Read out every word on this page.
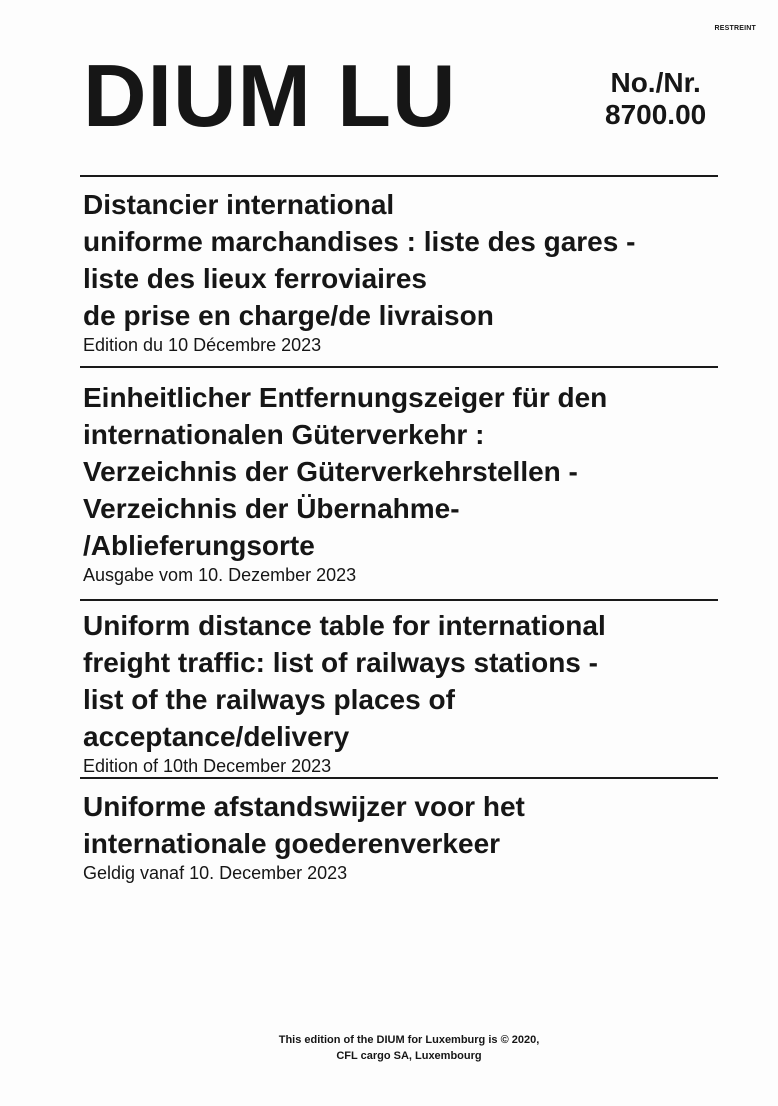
RESTREINT
DIUM LU	No./Nr.
8700.00
Distancier international
uniforme marchandises : liste des gares -
liste des lieux ferroviaires
de prise en charge/de livraison
Edition du 10 Décembre 2023
Einheitlicher Entfernungszeiger für den
internationalen Güterverkehr :
Verzeichnis der Güterverkehrstellen -
Verzeichnis der Übernahme-
/Ablieferungsorte
Ausgabe vom 10. Dezember 2023
Uniform distance table for international
freight traffic: list of railways stations -
list of the railways places of
acceptance/delivery
Edition of 10th December 2023
Uniforme afstandswijzer voor het
internationale goederenverkeer
Geldig vanaf 10. December 2023
This edition of the DIUM for Luxemburg is © 2020,
CFL cargo SA, Luxembourg
